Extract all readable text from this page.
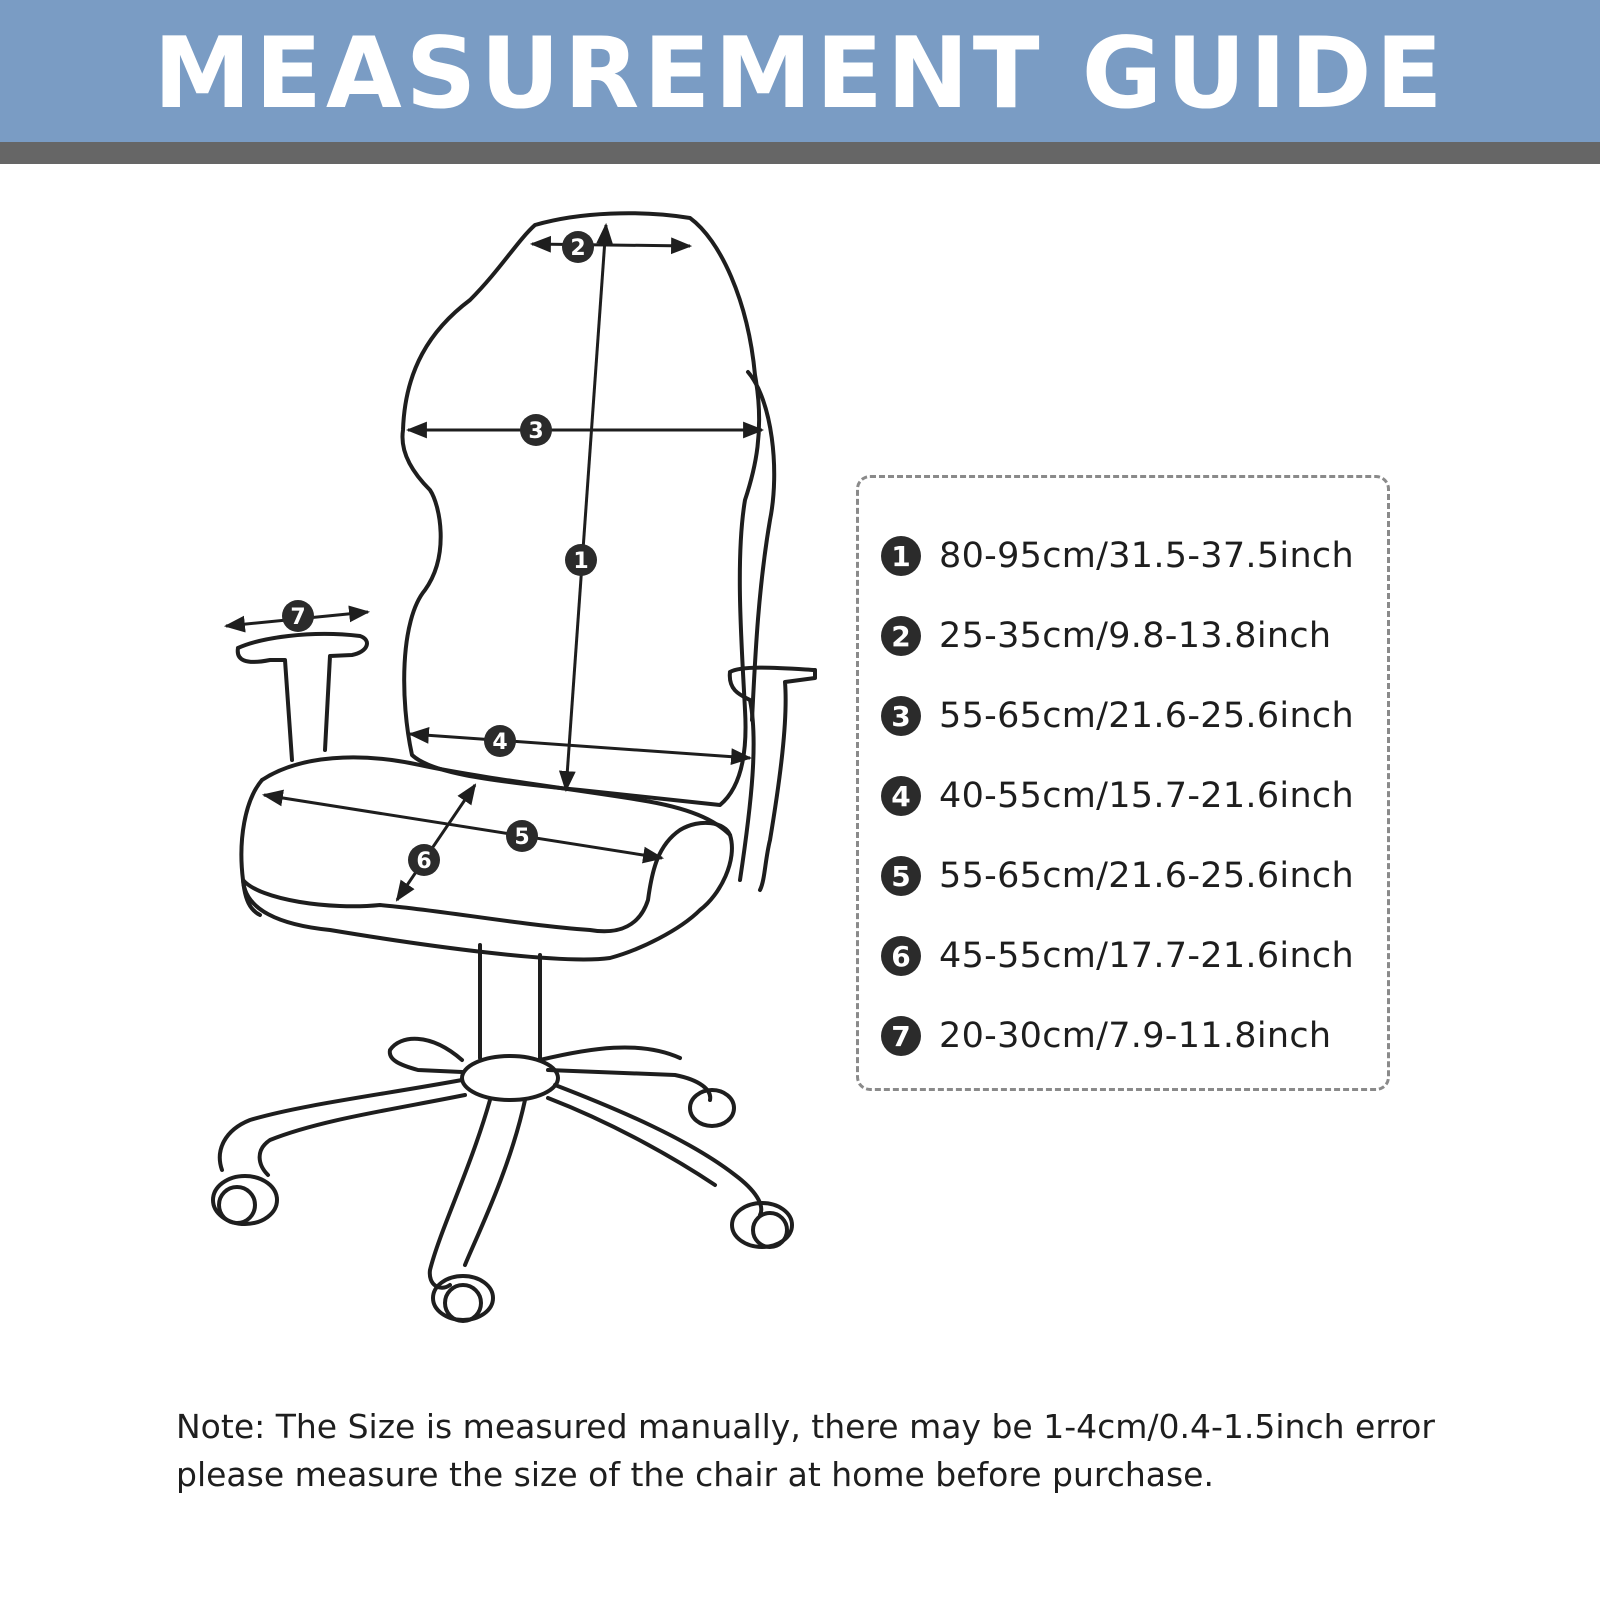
MEASUREMENT GUIDE
1
2
3
4
5
6
7
1 80-95cm/31.5-37.5inch
2 25-35cm/9.8-13.8inch
3 55-65cm/21.6-25.6inch
4 40-55cm/15.7-21.6inch
5 55-65cm/21.6-25.6inch
6 45-55cm/17.7-21.6inch
7 20-30cm/7.9-11.8inch
Note: The Size is measured manually, there may be 1-4cm/0.4-1.5inch error
please measure the size of the chair at home before purchase.
